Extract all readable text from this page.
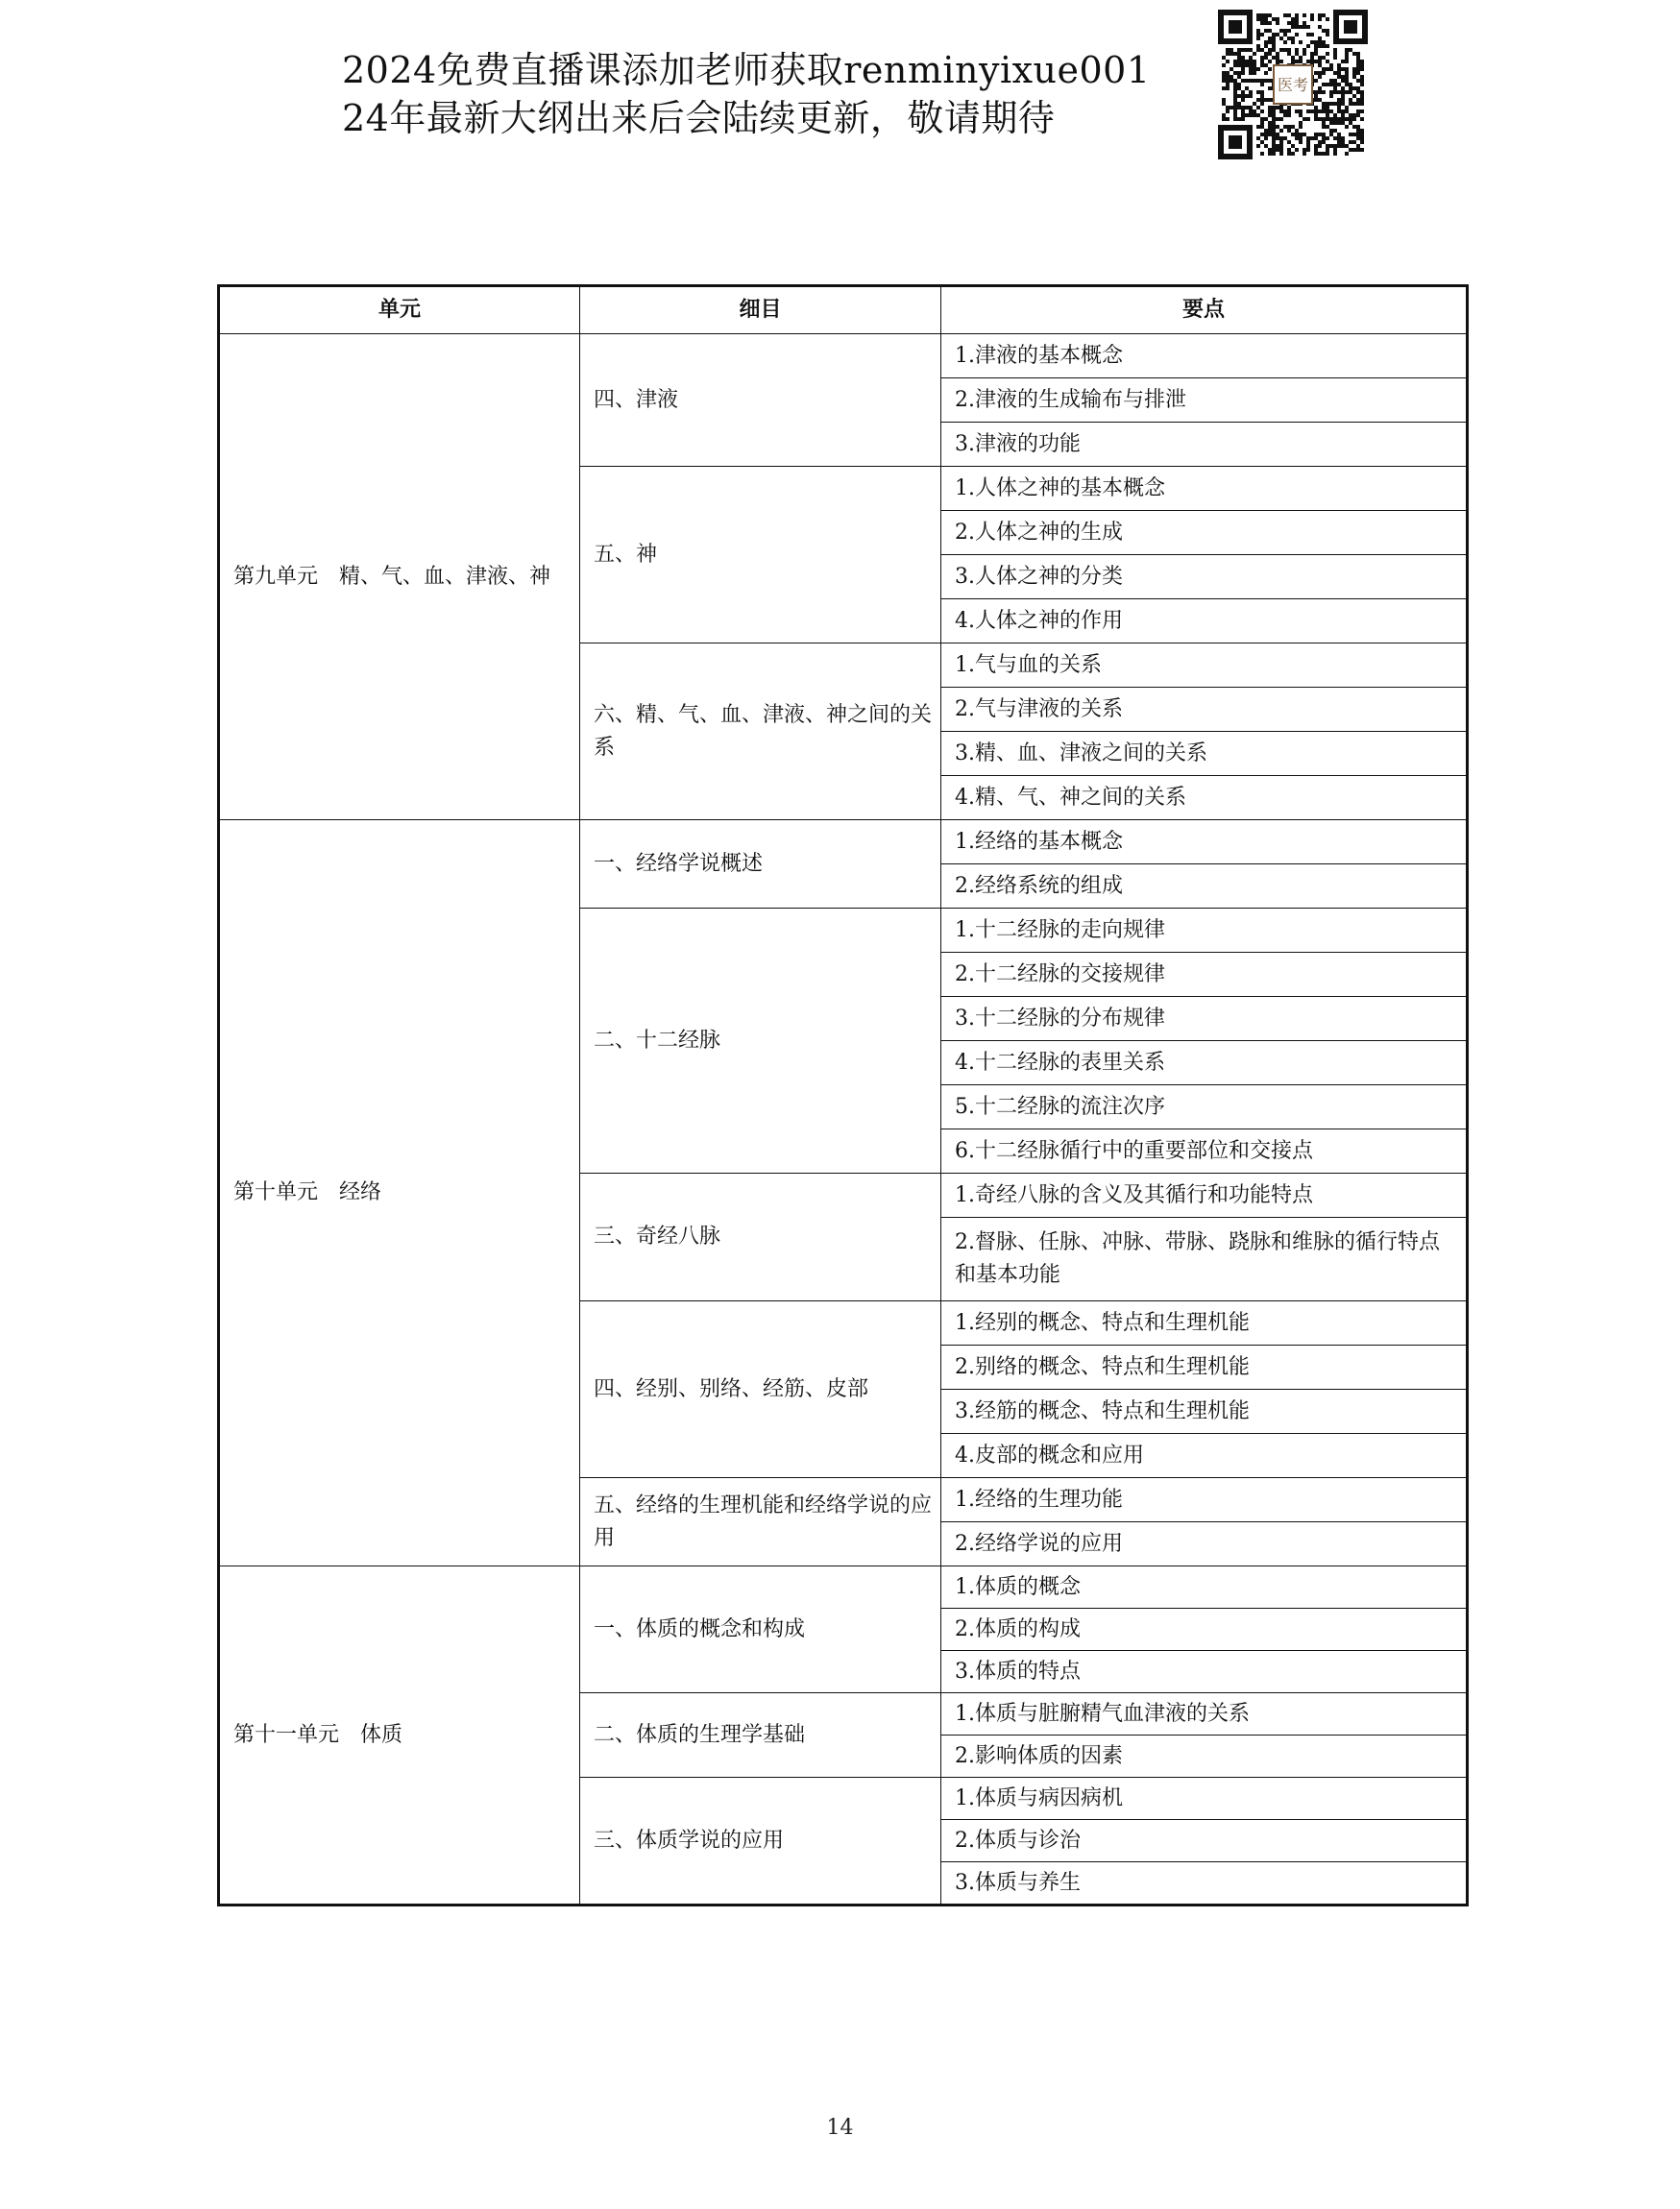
2024免费直播课添加老师获取renminyixue001
24年最新大纲出来后会陆续更新，敬请期待
医考
单元	细目	要点
第九单元　精、气、血、津液、神	四、津液	1.津液的基本概念
		2.津液的生成输布与排泄
		3.津液的功能
	五、神	1.人体之神的基本概念
		2.人体之神的生成
		3.人体之神的分类
		4.人体之神的作用
	六、精、气、血、津液、神之间的关系	1.气与血的关系
		2.气与津液的关系
		3.精、血、津液之间的关系
		4.精、气、神之间的关系
第十单元　经络	一、经络学说概述	1.经络的基本概念
		2.经络系统的组成
	二、十二经脉	1.十二经脉的走向规律
		2.十二经脉的交接规律
		3.十二经脉的分布规律
		4.十二经脉的表里关系
		5.十二经脉的流注次序
		6.十二经脉循行中的重要部位和交接点
	三、奇经八脉	1.奇经八脉的含义及其循行和功能特点
		2.督脉、任脉、冲脉、带脉、跷脉和维脉的循行特点和基本功能
	四、经别、别络、经筋、皮部	1.经别的概念、特点和生理机能
		2.别络的概念、特点和生理机能
		3.经筋的概念、特点和生理机能
		4.皮部的概念和应用
	五、经络的生理机能和经络学说的应用	1.经络的生理功能
		2.经络学说的应用
第十一单元　体质	一、体质的概念和构成	1.体质的概念
		2.体质的构成
		3.体质的特点
	二、体质的生理学基础	1.体质与脏腑精气血津液的关系
		2.影响体质的因素
	三、体质学说的应用	1.体质与病因病机
		2.体质与诊治
		3.体质与养生
14
